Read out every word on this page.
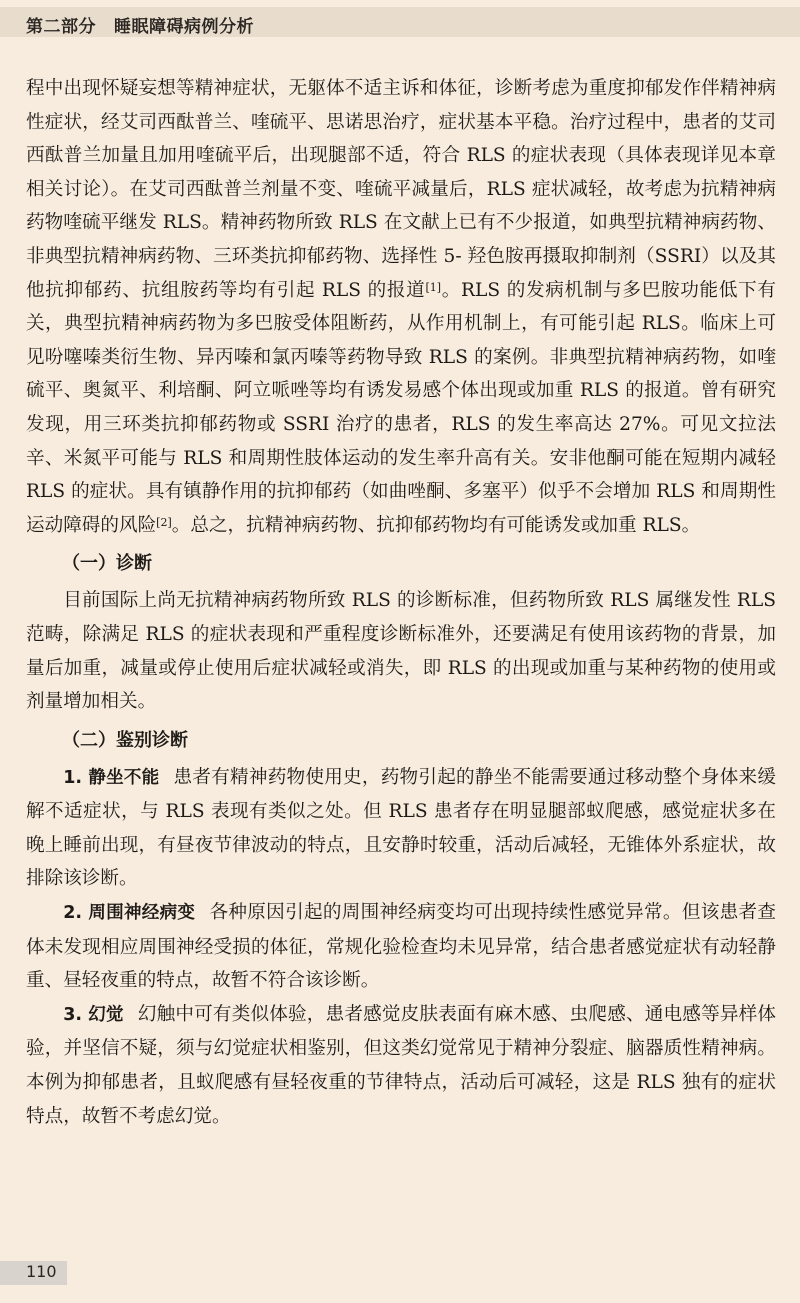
第二部分 睡眠障碍病例分析

程中出现怀疑妄想等精神症状，无躯体不适主诉和体征，诊断考虑为重度抑郁发作伴精神病性症状，经艾司西酞普兰、喹硫平、思诺思治疗，症状基本平稳。治疗过程中，患者的艾司西酞普兰加量且加用喹硫平后，出现腿部不适，符合 RLS 的症状表现（具体表现详见本章相关讨论）。在艾司西酞普兰剂量不变、喹硫平减量后，RLS 症状减轻，故考虑为抗精神病药物喹硫平继发 RLS。精神药物所致 RLS 在文献上已有不少报道，如典型抗精神病药物、非典型抗精神病药物、三环类抗抑郁药物、选择性 5- 羟色胺再摄取抑制剂（SSRI）以及其他抗抑郁药、抗组胺药等均有引起 RLS 的报道[1]。RLS 的发病机制与多巴胺功能低下有关，典型抗精神病药物为多巴胺受体阻断药，从作用机制上，有可能引起 RLS。临床上可见吩噻嗪类衍生物、异丙嗪和氯丙嗪等药物导致 RLS 的案例。非典型抗精神病药物，如喹硫平、奥氮平、利培酮、阿立哌唑等均有诱发易感个体出现或加重 RLS 的报道。曾有研究发现，用三环类抗抑郁药物或 SSRI 治疗的患者，RLS 的发生率高达 27%。可见文拉法辛、米氮平可能与 RLS 和周期性肢体运动的发生率升高有关。安非他酮可能在短期内减轻 RLS 的症状。具有镇静作用的抗抑郁药（如曲唑酮、多塞平）似乎不会增加 RLS 和周期性运动障碍的风险[2]。总之，抗精神病药物、抗抑郁药物均有可能诱发或加重 RLS。

（一）诊断

目前国际上尚无抗精神病药物所致 RLS 的诊断标准，但药物所致 RLS 属继发性 RLS 范畴，除满足 RLS 的症状表现和严重程度诊断标准外，还要满足有使用该药物的背景，加量后加重，减量或停止使用后症状减轻或消失，即 RLS 的出现或加重与某种药物的使用或剂量增加相关。

（二）鉴别诊断

1. 静坐不能 患者有精神药物使用史，药物引起的静坐不能需要通过移动整个身体来缓解不适症状，与 RLS 表现有类似之处。但 RLS 患者存在明显腿部蚁爬感，感觉症状多在晚上睡前出现，有昼夜节律波动的特点，且安静时较重，活动后减轻，无锥体外系症状，故排除该诊断。

2. 周围神经病变 各种原因引起的周围神经病变均可出现持续性感觉异常。但该患者查体未发现相应周围神经受损的体征，常规化验检查均未见异常，结合患者感觉症状有动轻静重、昼轻夜重的特点，故暂不符合该诊断。

3. 幻觉 幻触中可有类似体验，患者感觉皮肤表面有麻木感、虫爬感、通电感等异样体验，并坚信不疑，须与幻觉症状相鉴别，但这类幻觉常见于精神分裂症、脑器质性精神病。本例为抑郁患者，且蚁爬感有昼轻夜重的节律特点，活动后可减轻，这是 RLS 独有的症状特点，故暂不考虑幻觉。

110
